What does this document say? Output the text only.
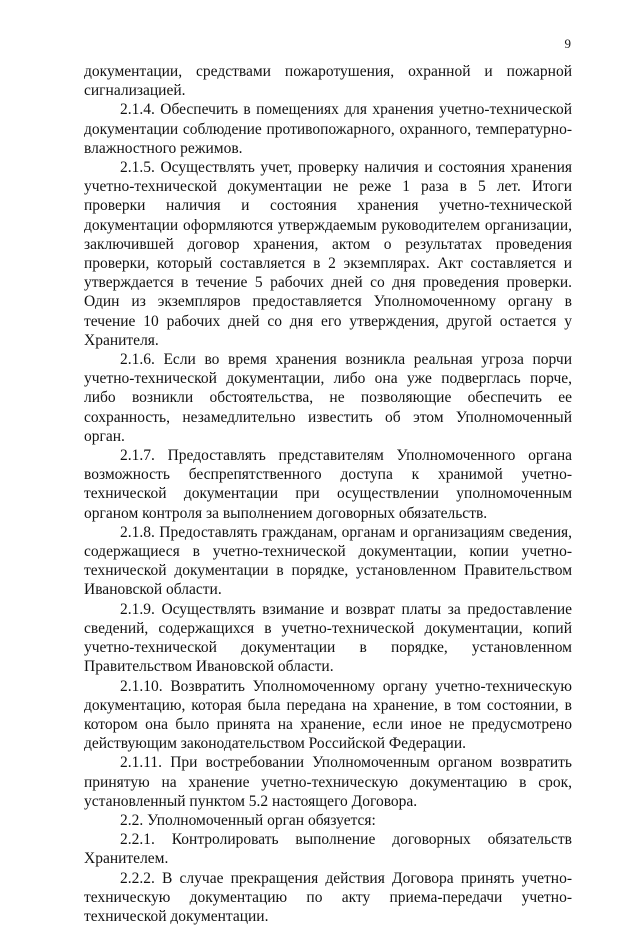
9

документации, средствами пожаротушения, охранной и пожарной сигнализацией.

2.1.4. Обеспечить в помещениях для хранения учетно-технической документации соблюдение противопожарного, охранного, температурно-влажностного режимов.

2.1.5. Осуществлять учет, проверку наличия и состояния хранения учетно-технической документации не реже 1 раза в 5 лет. Итоги проверки наличия и состояния хранения учетно-технической документации оформляются утверждаемым руководителем организации, заключившей договор хранения, актом о результатах проведения проверки, который составляется в 2 экземплярах. Акт составляется и утверждается в течение 5 рабочих дней со дня проведения проверки. Один из экземпляров предоставляется Уполномоченному органу в течение 10 рабочих дней со дня его утверждения, другой остается у Хранителя.

2.1.6. Если во время хранения возникла реальная угроза порчи учетно-технической документации, либо она уже подверглась порче, либо возникли обстоятельства, не позволяющие обеспечить ее сохранность, незамедлительно известить об этом Уполномоченный орган.

2.1.7. Предоставлять представителям Уполномоченного органа возможность беспрепятственного доступа к хранимой учетно-технической документации при осуществлении уполномоченным органом контроля за выполнением договорных обязательств.

2.1.8. Предоставлять гражданам, органам и организациям сведения, содержащиеся в учетно-технической документации, копии учетно-технической документации в порядке, установленном Правительством Ивановской области.

2.1.9. Осуществлять взимание и возврат платы за предоставление сведений, содержащихся в учетно-технической документации, копий учетно-технической документации в порядке, установленном Правительством Ивановской области.

2.1.10. Возвратить Уполномоченному органу учетно-техническую документацию, которая была передана на хранение, в том состоянии, в котором она было принята на хранение, если иное не предусмотрено действующим законодательством Российской Федерации.

2.1.11. При востребовании Уполномоченным органом возвратить принятую на хранение учетно-техническую документацию в срок, установленный пунктом 5.2 настоящего Договора.

2.2. Уполномоченный орган обязуется:

2.2.1. Контролировать выполнение договорных обязательств Хранителем.

2.2.2. В случае прекращения действия Договора принять учетно-техническую документацию по акту приема-передачи учетно-технической документации.
